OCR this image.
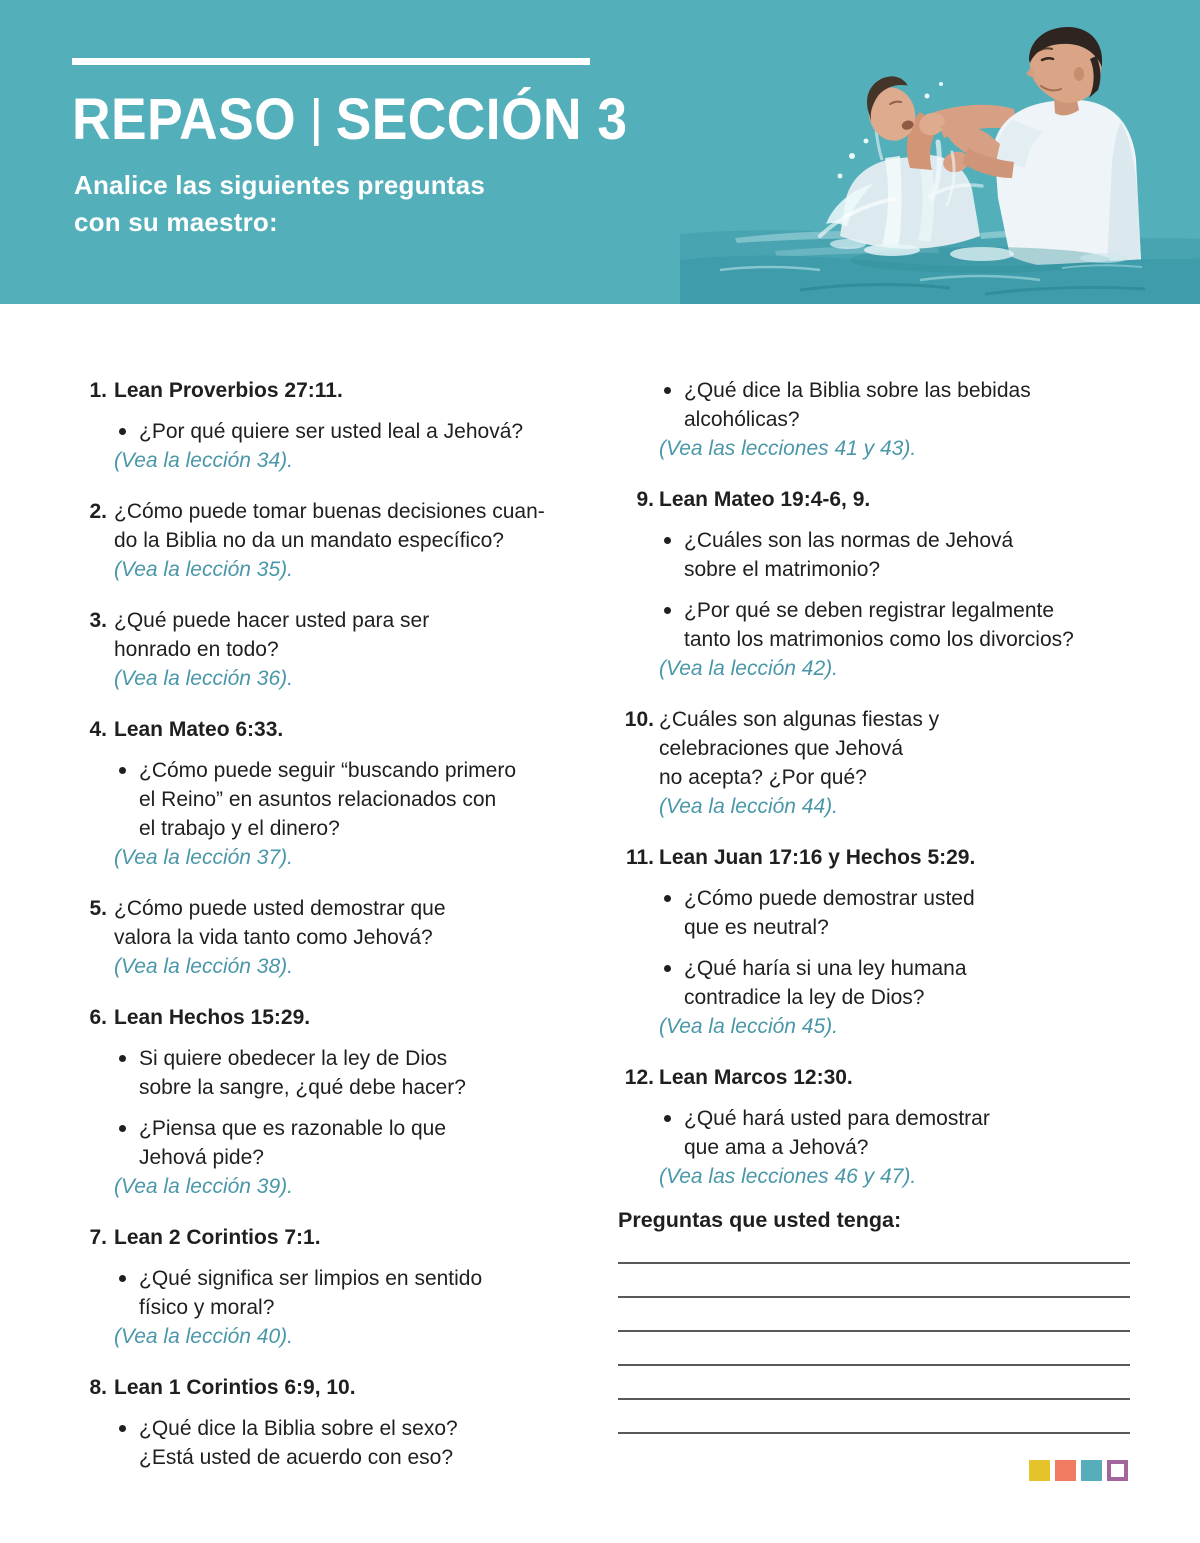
REPASO SECCIÓN 3
Analice las siguientes preguntas
con su maestro:
1. Lean Proverbios 27:11.
¿Por qué quiere ser usted leal a Jehová?
(Vea la lección 34).
2. ¿Cómo puede tomar buenas decisiones cuan-
do la Biblia no da un mandato específico?
(Vea la lección 35).
3. ¿Qué puede hacer usted para ser
honrado en todo?
(Vea la lección 36).
4. Lean Mateo 6:33.
¿Cómo puede seguir “buscando primero
el Reino” en asuntos relacionados con
el trabajo y el dinero?
(Vea la lección 37).
5. ¿Cómo puede usted demostrar que
valora la vida tanto como Jehová?
(Vea la lección 38).
6. Lean Hechos 15:29.
Si quiere obedecer la ley de Dios
sobre la sangre, ¿qué debe hacer?
¿Piensa que es razonable lo que
Jehová pide?
(Vea la lección 39).
7. Lean 2 Corintios 7:1.
¿Qué significa ser limpios en sentido
físico y moral?
(Vea la lección 40).
8. Lean 1 Corintios 6:9, 10.
¿Qué dice la Biblia sobre el sexo?
¿Está usted de acuerdo con eso?
¿Qué dice la Biblia sobre las bebidas
alcohólicas?
(Vea las lecciones 41 y 43).
9. Lean Mateo 19:4-6, 9.
¿Cuáles son las normas de Jehová
sobre el matrimonio?
¿Por qué se deben registrar legalmente
tanto los matrimonios como los divorcios?
(Vea la lección 42).
10. ¿Cuáles son algunas fiestas y
celebraciones que Jehová
no acepta? ¿Por qué?
(Vea la lección 44).
11. Lean Juan 17:16 y Hechos 5:29.
¿Cómo puede demostrar usted
que es neutral?
¿Qué haría si una ley humana
contradice la ley de Dios?
(Vea la lección 45).
12. Lean Marcos 12:30.
¿Qué hará usted para demostrar
que ama a Jehová?
(Vea las lecciones 46 y 47).
Preguntas que usted tenga:
